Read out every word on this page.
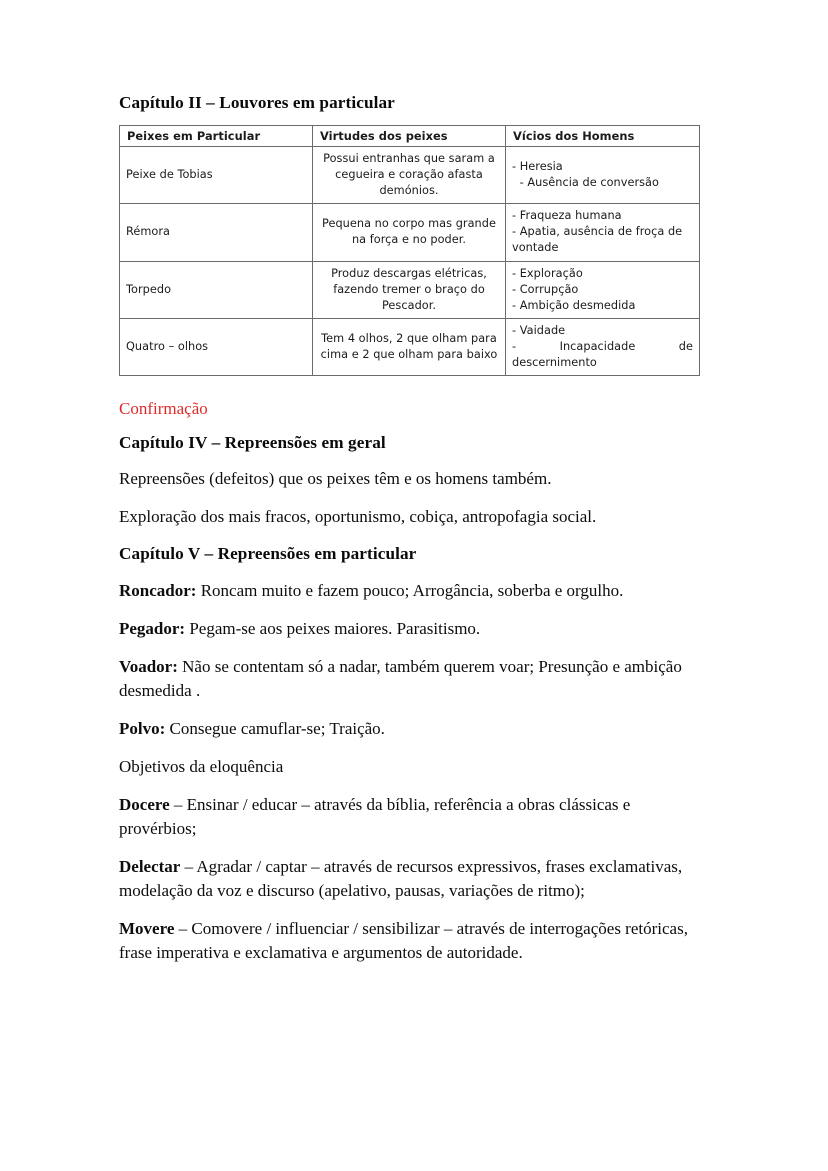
Capítulo II – Louvores em particular
Peixes em Particular	Virtudes dos peixes	Vícios dos Homens
Peixe de Tobias	Possui entranhas que saram a cegueira e coração afasta demónios.	- Heresia
- Ausência de conversão

Rémora	Pequena no corpo mas grande na força e no poder.	- Fraqueza humana
- Apatia, ausência de froça de vontade

Torpedo	Produz descargas elétricas, fazendo tremer o braço do Pescador.	- Exploração
- Corrupção
- Ambição desmedida

Quatro – olhos	Tem 4 olhos, 2 que olham para cima e 2 que olham para baixo	- Vaidade
- Incapacidade de
descernimento

Confirmação

Capítulo IV – Repreensões em geral

Repreensões (defeitos) que os peixes têm e os homens também.

Exploração dos mais fracos, oportunismo, cobiça, antropofagia social.

Capítulo V – Repreensões em particular

Roncador: Roncam muito e fazem pouco; Arrogância, soberba e orgulho.

Pegador: Pegam-se aos peixes maiores. Parasitismo.

Voador: Não se contentam só a nadar, também querem voar; Presunção e ambição desmedida .

Polvo: Consegue camuflar-se; Traição.

Objetivos da eloquência

Docere – Ensinar / educar – através da bíblia, referência a obras clássicas e provérbios;

Delectar – Agradar / captar – através de recursos expressivos, frases exclamativas, modelação da voz e discurso (apelativo, pausas, variações de ritmo);

Movere – Comovere / influenciar / sensibilizar – através de interrogações retóricas, frase imperativa e exclamativa e argumentos de autoridade.
